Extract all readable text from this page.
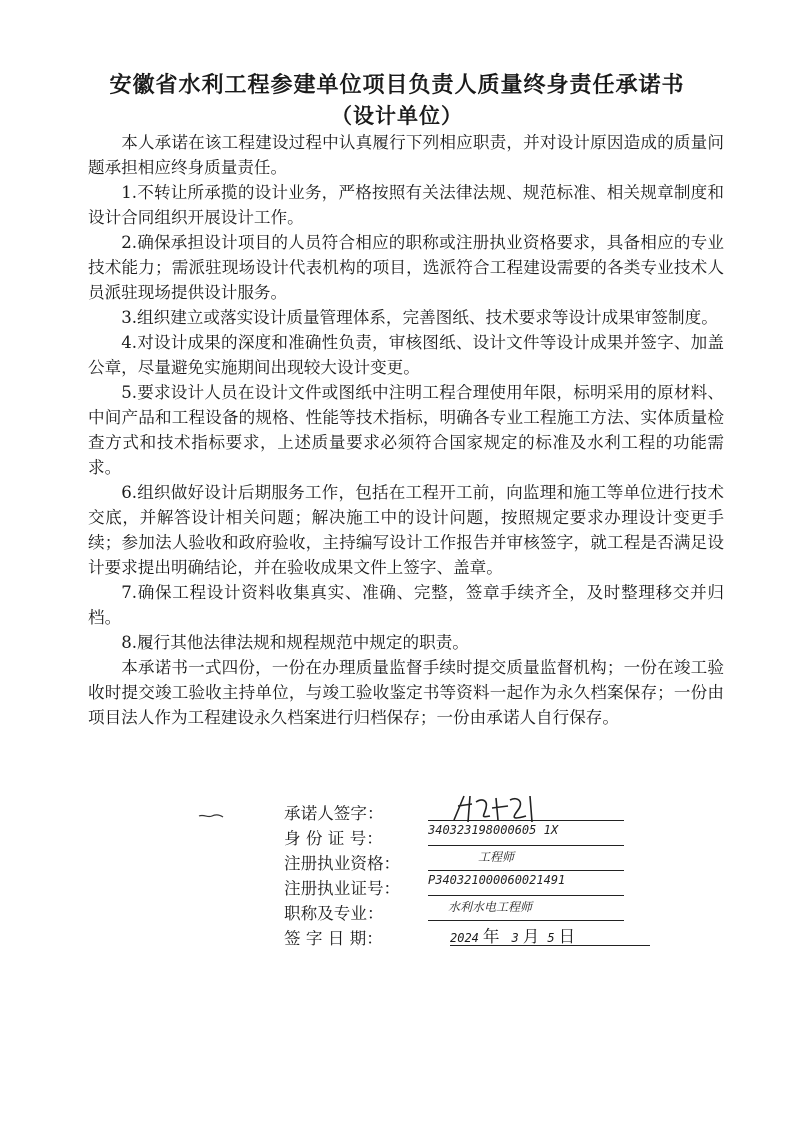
安徽省水利工程参建单位项目负责人质量终身责任承诺书
（设计单位）

本人承诺在该工程建设过程中认真履行下列相应职责，并对设计原因造成的质量问题承担相应终身质量责任。

1.不转让所承揽的设计业务，严格按照有关法律法规、规范标准、相关规章制度和设计合同组织开展设计工作。

2.确保承担设计项目的人员符合相应的职称或注册执业资格要求，具备相应的专业技术能力；需派驻现场设计代表机构的项目，选派符合工程建设需要的各类专业技术人员派驻现场提供设计服务。

3.组织建立或落实设计质量管理体系，完善图纸、技术要求等设计成果审签制度。

4.对设计成果的深度和准确性负责，审核图纸、设计文件等设计成果并签字、加盖公章，尽量避免实施期间出现较大设计变更。

5.要求设计人员在设计文件或图纸中注明工程合理使用年限，标明采用的原材料、中间产品和工程设备的规格、性能等技术指标，明确各专业工程施工方法、实体质量检查方式和技术指标要求，上述质量要求必须符合国家规定的标准及水利工程的功能需求。

6.组织做好设计后期服务工作，包括在工程开工前，向监理和施工等单位进行技术交底，并解答设计相关问题；解决施工中的设计问题，按照规定要求办理设计变更手续；参加法人验收和政府验收，主持编写设计工作报告并审核签字，就工程是否满足设计要求提出明确结论，并在验收成果文件上签字、盖章。

7.确保工程设计资料收集真实、准确、完整，签章手续齐全，及时整理移交并归档。

8.履行其他法律法规和规程规范中规定的职责。

本承诺书一式四份，一份在办理质量监督手续时提交质量监督机构；一份在竣工验收时提交竣工验收主持单位，与竣工验收鉴定书等资料一起作为永久档案保存；一份由项目法人作为工程建设永久档案进行归档保存；一份由承诺人自行保存。

承诺人签字：
身 份 证 号：	340323198000605 1X
注册执业资格：	工程师
注册执业证号： P340321000060021491
职称及专业：	水利水电工程师
签 字 日 期：	2024 年 3 月 5 日
